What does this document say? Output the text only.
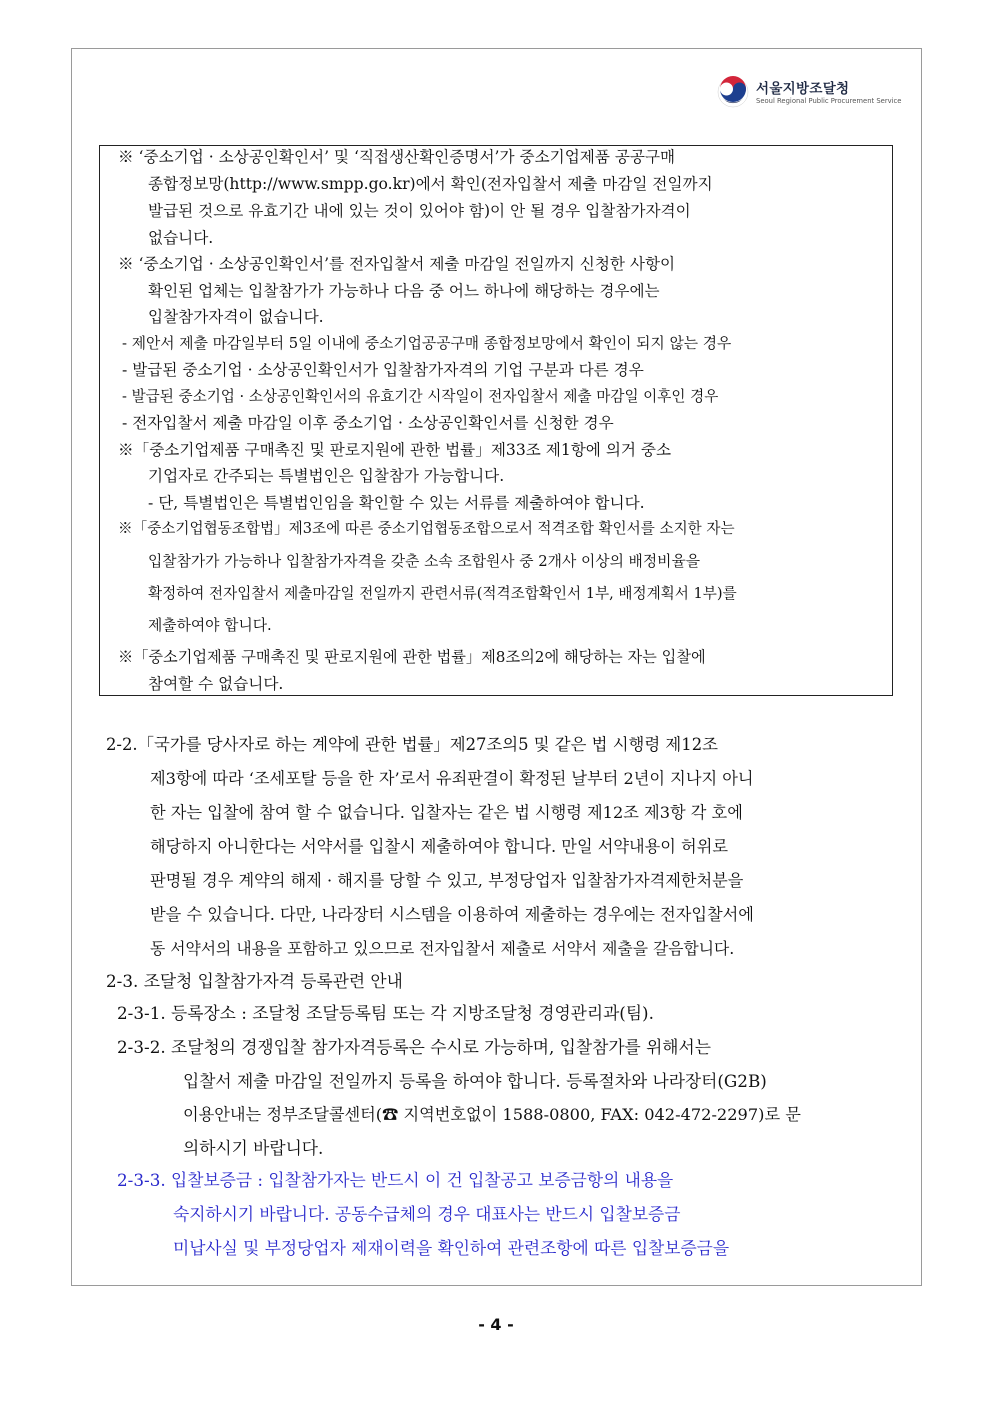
서울지방조달청
Seoul Regional Public Procurement Service
※ ‘중소기업 · 소상공인확인서’ 및 ‘직접생산확인증명서’가 중소기업제품 공공구매
종합정보망(http://www.smpp.go.kr)에서 확인(전자입찰서 제출 마감일 전일까지
발급된 것으로 유효기간 내에 있는 것이 있어야 함)이 안 될 경우 입찰참가자격이
없습니다.
※ ‘중소기업 · 소상공인확인서’를 전자입찰서 제출 마감일 전일까지 신청한 사항이
확인된 업체는 입찰참가가 가능하나 다음 중 어느 하나에 해당하는 경우에는
입찰참가자격이 없습니다.
- 제안서 제출 마감일부터 5일 이내에 중소기업공공구매 종합정보망에서 확인이 되지 않는 경우
- 발급된 중소기업 · 소상공인확인서가 입찰참가자격의 기업 구분과 다른 경우
- 발급된 중소기업 · 소상공인확인서의 유효기간 시작일이 전자입찰서 제출 마감일 이후인 경우
- 전자입찰서 제출 마감일 이후 중소기업 · 소상공인확인서를 신청한 경우
※「중소기업제품 구매촉진 및 판로지원에 관한 법률」제33조 제1항에 의거 중소
기업자로 간주되는 특별법인은 입찰참가 가능합니다.
- 단, 특별법인은 특별법인임을 확인할 수 있는 서류를 제출하여야 합니다.
※「중소기업협동조합법」제3조에 따른 중소기업협동조합으로서 적격조합 확인서를 소지한 자는
입찰참가가 가능하나 입찰참가자격을 갖춘 소속 조합원사 중 2개사 이상의 배정비율을
확정하여 전자입찰서 제출마감일 전일까지 관련서류(적격조합확인서 1부, 배정계획서 1부)를
제출하여야 합니다.
※「중소기업제품 구매촉진 및 판로지원에 관한 법률」제8조의2에 해당하는 자는 입찰에
참여할 수 없습니다.
2-2.「국가를 당사자로 하는 계약에 관한 법률」제27조의5 및 같은 법 시행령 제12조
제3항에 따라 ‘조세포탈 등을 한 자’로서 유죄판결이 확정된 날부터 2년이 지나지 아니
한 자는 입찰에 참여 할 수 없습니다. 입찰자는 같은 법 시행령 제12조 제3항 각 호에
해당하지 아니한다는 서약서를 입찰시 제출하여야 합니다. 만일 서약내용이 허위로
판명될 경우 계약의 해제 · 해지를 당할 수 있고, 부정당업자 입찰참가자격제한처분을
받을 수 있습니다. 다만, 나라장터 시스템을 이용하여 제출하는 경우에는 전자입찰서에
동 서약서의 내용을 포함하고 있으므로 전자입찰서 제출로 서약서 제출을 갈음합니다.
2-3. 조달청 입찰참가자격 등록관련 안내
2-3-1. 등록장소 : 조달청 조달등록팀 또는 각 지방조달청 경영관리과(팀).
2-3-2. 조달청의 경쟁입찰 참가자격등록은 수시로 가능하며, 입찰참가를 위해서는
입찰서 제출 마감일 전일까지 등록을 하여야 합니다. 등록절차와 나라장터(G2B)
이용안내는 정부조달콜센터(☎ 지역번호없이 1588-0800, FAX: 042-472-2297)로 문
의하시기 바랍니다.
2-3-3. 입찰보증금 : 입찰참가자는 반드시 이 건 입찰공고 보증금항의 내용을
숙지하시기 바랍니다. 공동수급체의 경우 대표사는 반드시 입찰보증금
미납사실 및 부정당업자 제재이력을 확인하여 관련조항에 따른 입찰보증금을
- 4 -
